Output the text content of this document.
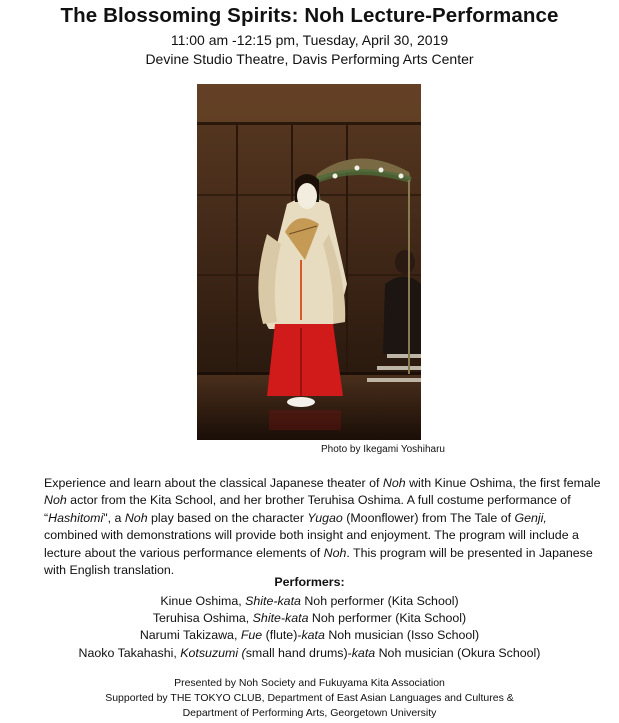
The Blossoming Spirits: Noh Lecture-Performance
11:00 am -12:15 pm, Tuesday, April 30, 2019
Devine Studio Theatre, Davis Performing Arts Center
Photo by Ikegami Yoshiharu
Experience and learn about the classical Japanese theater of Noh with Kinue Oshima, the first female Noh actor from the Kita School, and her brother Teruhisa Oshima. A full costume performance of “Hashitomi", a Noh play based on the character Yugao (Moonflower) from The Tale of Genji, combined with demonstrations will provide both insight and enjoyment. The program will include a lecture about the various performance elements of Noh. This program will be presented in Japanese with English translation.
Performers:
Kinue Oshima, Shite-kata Noh performer (Kita School)
Teruhisa Oshima, Shite-kata Noh performer (Kita School)
Narumi Takizawa, Fue (flute)-kata Noh musician (Isso School)
Naoko Takahashi, Kotsuzumi (small hand drums)-kata Noh musician (Okura School)
Presented by Noh Society and Fukuyama Kita Association
Supported by THE TOKYO CLUB, Department of East Asian Languages and Cultures &
Department of Performing Arts, Georgetown University
